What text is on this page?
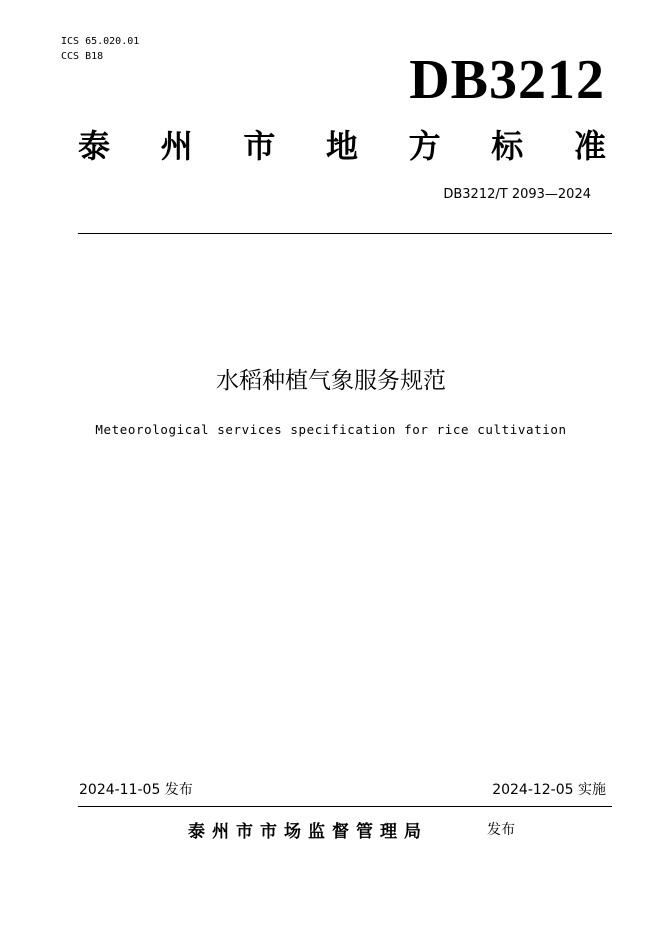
ICS 65.020.01
CCS B18	DB3212
泰 州 市 地 方 标 准
DB3212/T 2093—2024
水稻种植气象服务规范
Meteorological services specification for rice cultivation
2024-11-05 发布	2024-12-05 实施
泰州市市场监督管理局	发布
